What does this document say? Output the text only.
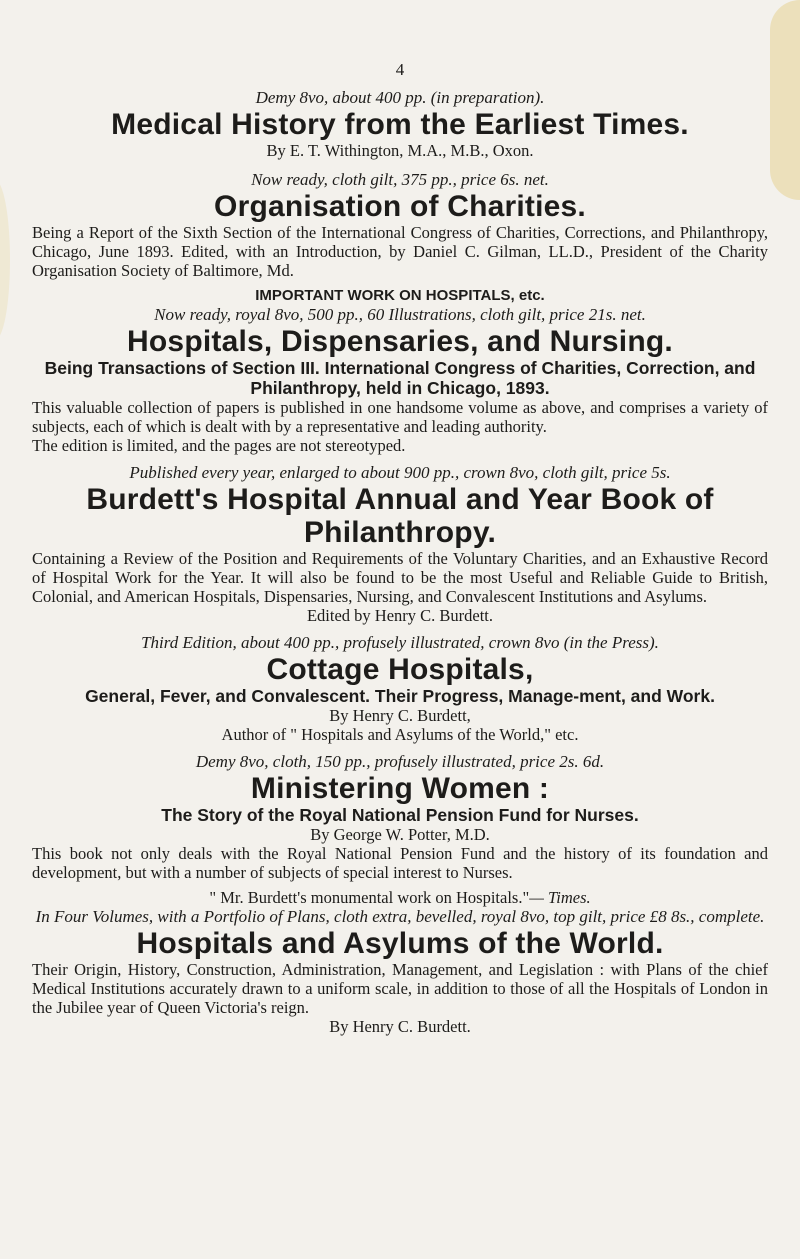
4

Demy 8vo, about 400 pp. (in preparation).

Medical History from the Earliest Times.

By E. T. Withington, M.A., M.B., Oxon.

Now ready, cloth gilt, 375 pp., price 6s. net.

Organisation of Charities.

Being a Report of the Sixth Section of the International Congress of Charities, Corrections, and Philanthropy, Chicago, June 1893. Edited, with an Introduction, by Daniel C. Gilman, LL.D., President of the Charity Organisation Society of Baltimore, Md.

IMPORTANT WORK ON HOSPITALS, etc.

Now ready, royal 8vo, 500 pp., 60 Illustrations, cloth gilt, price 21s. net.

Hospitals, Dispensaries, and Nursing.

Being Transactions of Section III. International Congress of Charities, Correction, and Philanthropy, held in Chicago, 1893.

This valuable collection of papers is published in one handsome volume as above, and comprises a variety of subjects, each of which is dealt with by a representative and leading authority.

The edition is limited, and the pages are not stereotyped.

Published every year, enlarged to about 900 pp., crown 8vo, cloth gilt, price 5s.

Burdett's Hospital Annual and Year Book of Philanthropy.

Containing a Review of the Position and Requirements of the Voluntary Charities, and an Exhaustive Record of Hospital Work for the Year. It will also be found to be the most Useful and Reliable Guide to British, Colonial, and American Hospitals, Dispensaries, Nursing, and Convalescent Institutions and Asylums.

Edited by Henry C. Burdett.

Third Edition, about 400 pp., profusely illustrated, crown 8vo (in the Press).

Cottage Hospitals,

General, Fever, and Convalescent. Their Progress, Manage-ment, and Work.

By Henry C. Burdett,

Author of " Hospitals and Asylums of the World," etc.

Demy 8vo, cloth, 150 pp., profusely illustrated, price 2s. 6d.

Ministering Women :

The Story of the Royal National Pension Fund for Nurses.

By George W. Potter, M.D.

This book not only deals with the Royal National Pension Fund and the history of its foundation and development, but with a number of subjects of special interest to Nurses.

" Mr. Burdett's monumental work on Hospitals."— Times.

In Four Volumes, with a Portfolio of Plans, cloth extra, bevelled, royal 8vo, top gilt, price £8 8s., complete.

Hospitals and Asylums of the World.

Their Origin, History, Construction, Administration, Management, and Legislation : with Plans of the chief Medical Institutions accurately drawn to a uniform scale, in addition to those of all the Hospitals of London in the Jubilee year of Queen Victoria's reign.

By Henry C. Burdett.
